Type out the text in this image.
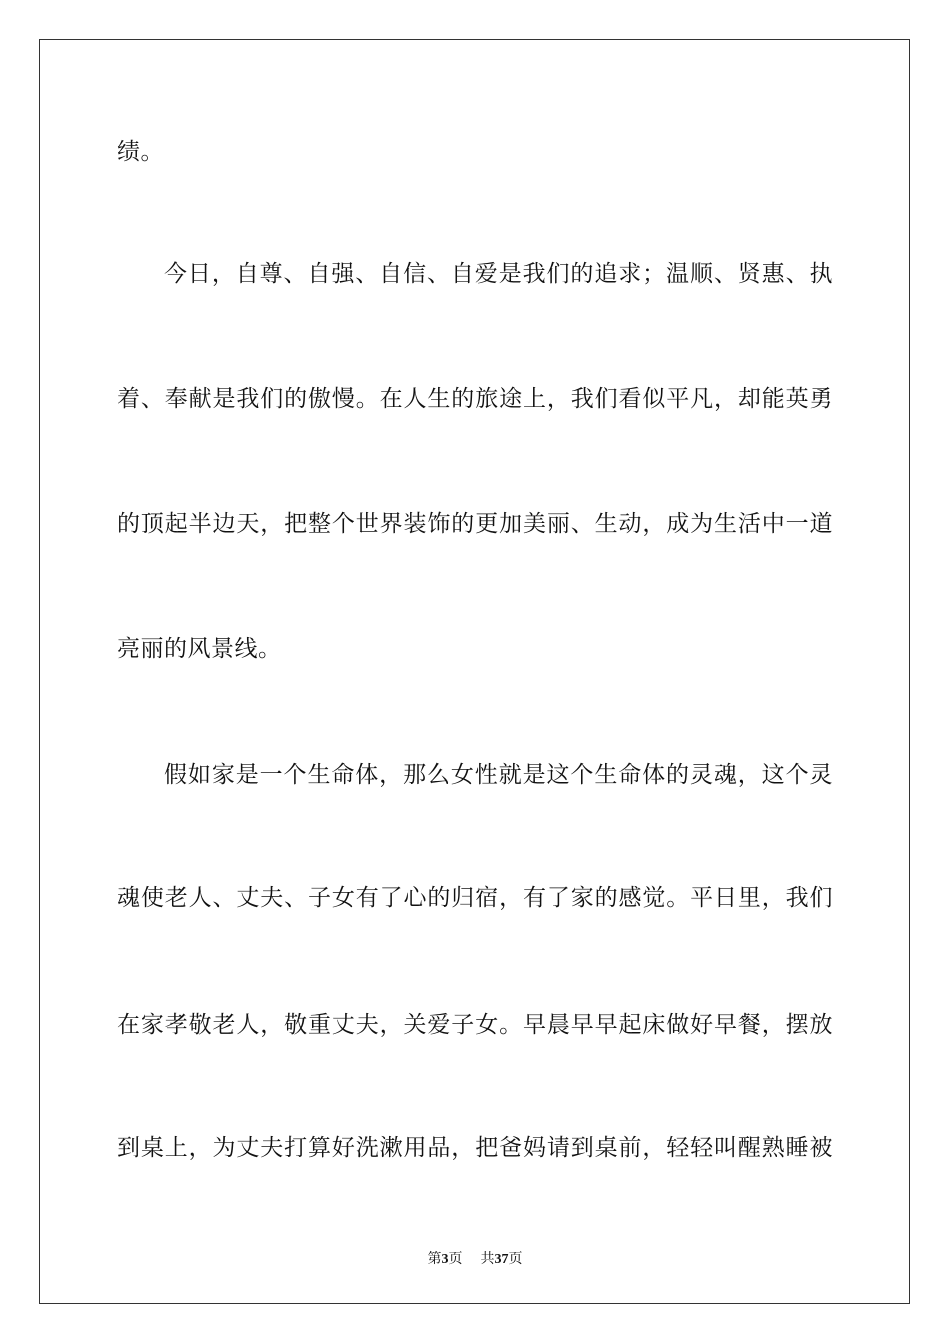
绩。
今日，自尊、自强、自信、自爱是我们的追求；温顺、贤惠、执
着、奉献是我们的傲慢。在人生的旅途上，我们看似平凡，却能英勇
的顶起半边天，把整个世界装饰的更加美丽、生动，成为生活中一道
亮丽的风景线。
假如家是一个生命体，那么女性就是这个生命体的灵魂，这个灵
魂使老人、丈夫、子女有了心的归宿，有了家的感觉。平日里，我们
在家孝敬老人，敬重丈夫，关爱子女。早晨早早起床做好早餐，摆放
到桌上，为丈夫打算好洗漱用品，把爸妈请到桌前，轻轻叫醒熟睡被
第3页 共37页
